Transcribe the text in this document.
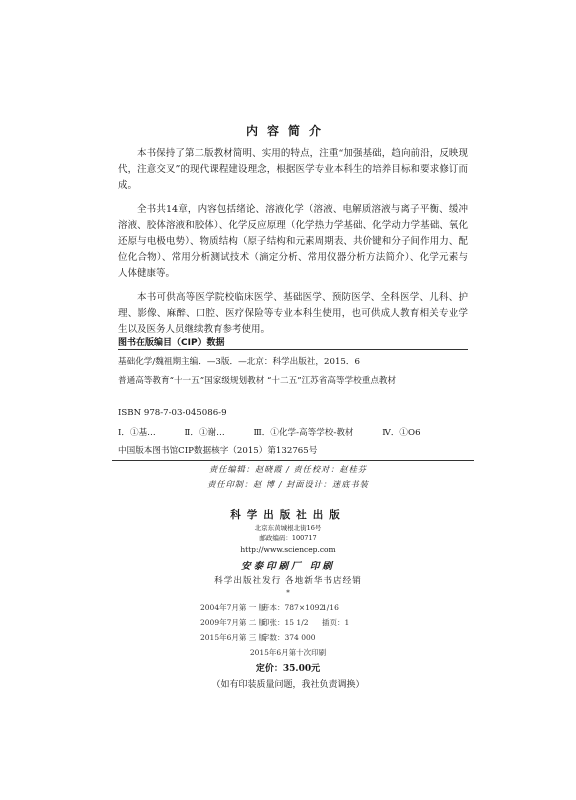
内容简介

本书保持了第二版教材简明、实用的特点，注重“加强基础，趋向前沿，反映现代，注意交叉”的现代课程建设理念，根据医学专业本科生的培养目标和要求修订而成。

全书共14章，内容包括绪论、溶液化学（溶液、电解质溶液与离子平衡、缓冲溶液、胶体溶液和胶体）、化学反应原理（化学热力学基础、化学动力学基础、氧化还原与电极电势）、物质结构（原子结构和元素周期表、共价键和分子间作用力、配位化合物）、常用分析测试技术（滴定分析、常用仪器分析方法简介）、化学元素与人体健康等。

本书可供高等医学院校临床医学、基础医学、预防医学、全科医学、儿科、护理、影像、麻醉、口腔、医疗保险等专业本科生使用，也可供成人教育相关专业学生以及医务人员继续教育参考使用。

图书在版编目（CIP）数据
基础化学/魏祖期主编．—3版．—北京：科学出版社，2015．6
普通高等教育“十一五”国家级规划教材 “十二五”江苏省高等学校重点教材
ISBN 978-7-03-045086-9
Ⅰ．①基…	Ⅱ．①谢…	Ⅲ．①化学-高等学校-教材	Ⅳ．①O6
中国版本图书馆CIP数据核字（2015）第132765号
责任编辑：赵晓霞 / 责任校对：赵桂芬
责任印制：赵 博 / 封面设计：迷底书装
科学出版社出版
北京东黄城根北街16号
邮政编码：100717
http://www.sciencep.com
安泰印刷厂 印刷
科学出版社发行 各地新华书店经销
*
2004年7月第 一 版开本：787×10921/16
2009年7月第 二 版印张：15 1/2 插页：1
2015年6月第 三 版字数：374 000
2015年6月第十次印刷
定价：35.00元
（如有印装质量问题，我社负责调换）
